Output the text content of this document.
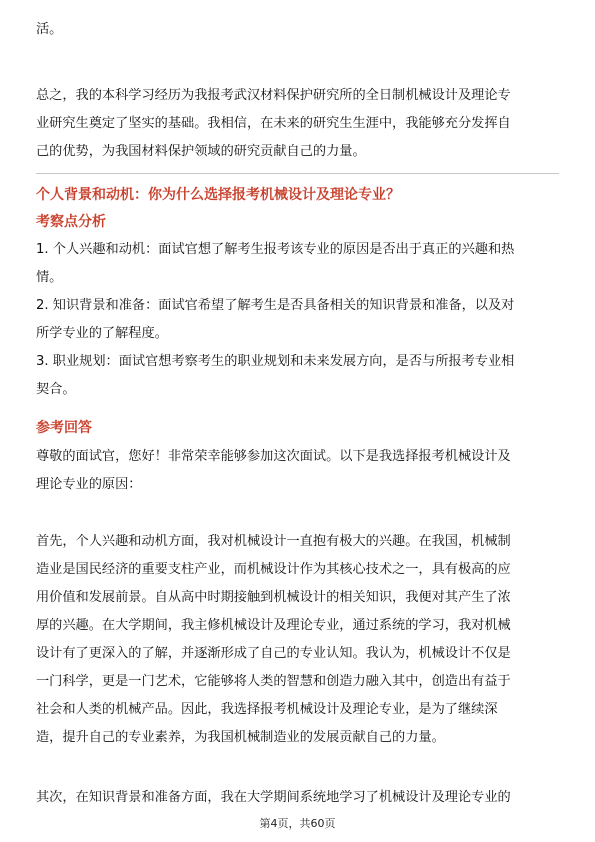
活。
总之，我的本科学习经历为我报考武汉材料保护研究所的全日制机械设计及理论专
业研究生奠定了坚实的基础。我相信，在未来的研究生生涯中，我能够充分发挥自
己的优势，为我国材料保护领域的研究贡献自己的力量。
个人背景和动机：你为什么选择报考机械设计及理论专业？
考察点分析
1. 个人兴趣和动机：面试官想了解考生报考该专业的原因是否出于真正的兴趣和热
情。
2. 知识背景和准备：面试官希望了解考生是否具备相关的知识背景和准备，以及对
所学专业的了解程度。
3. 职业规划：面试官想考察考生的职业规划和未来发展方向，是否与所报考专业相
契合。
参考回答
尊敬的面试官，您好！非常荣幸能够参加这次面试。以下是我选择报考机械设计及
理论专业的原因：
首先，个人兴趣和动机方面，我对机械设计一直抱有极大的兴趣。在我国，机械制
造业是国民经济的重要支柱产业，而机械设计作为其核心技术之一，具有极高的应
用价值和发展前景。自从高中时期接触到机械设计的相关知识，我便对其产生了浓
厚的兴趣。在大学期间，我主修机械设计及理论专业，通过系统的学习，我对机械
设计有了更深入的了解，并逐渐形成了自己的专业认知。我认为，机械设计不仅是
一门科学，更是一门艺术，它能够将人类的智慧和创造力融入其中，创造出有益于
社会和人类的机械产品。因此，我选择报考机械设计及理论专业，是为了继续深
造，提升自己的专业素养，为我国机械制造业的发展贡献自己的力量。
其次，在知识背景和准备方面，我在大学期间系统地学习了机械设计及理论专业的
第4页，共60页
